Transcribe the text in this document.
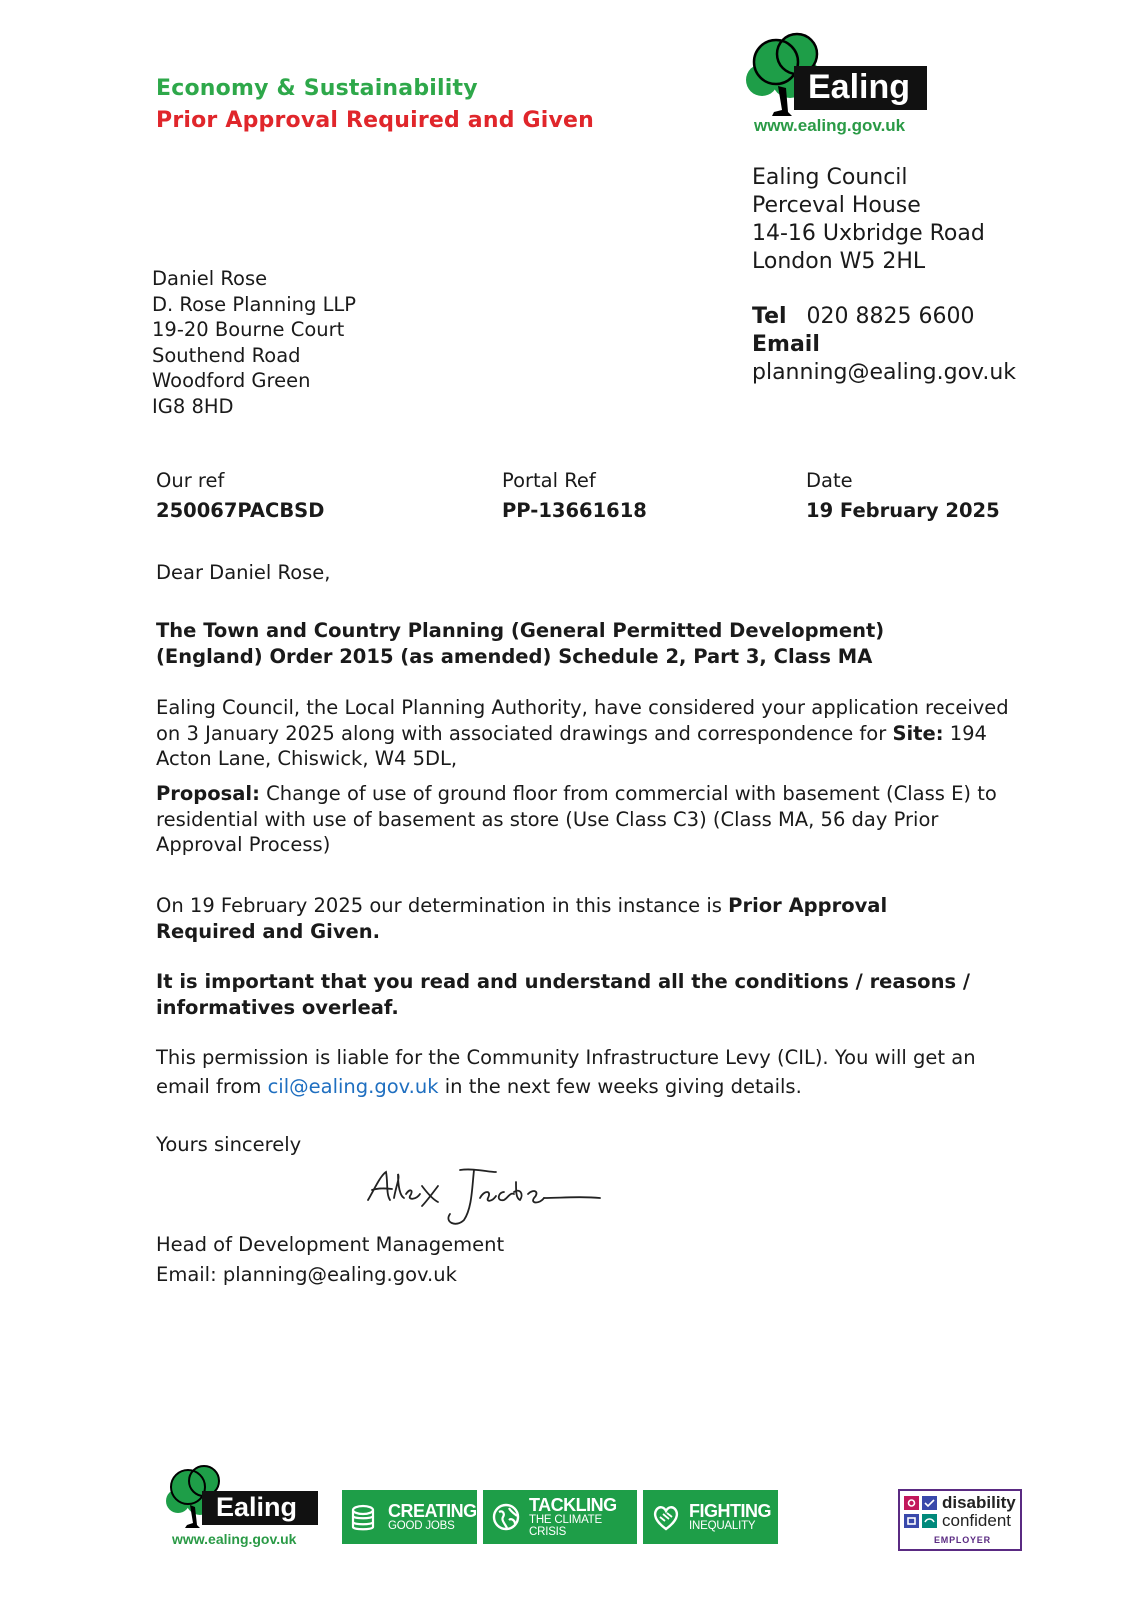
Economy & Sustainability
Prior Approval Required and Given
Ealing
www.ealing.gov.uk
Ealing Council
Perceval House
14-16 Uxbridge Road
London W5 2HL
Tel 020 8825 6600
Email
planning@ealing.gov.uk
Daniel Rose
D. Rose Planning LLP
19-20 Bourne Court
Southend Road
Woodford Green
IG8 8HD
Our ref
250067PACBSD
Portal Ref
PP-13661618
Date
19 February 2025
Dear Daniel Rose,
The Town and Country Planning (General Permitted Development) (England) Order 2015 (as amended) Schedule 2, Part 3, Class MA
Ealing Council, the Local Planning Authority, have considered your application received on 3 January 2025 along with associated drawings and correspondence for Site: 194 Acton Lane, Chiswick, W4 5DL,
Proposal: Change of use of ground floor from commercial with basement (Class E) to residential with use of basement as store (Use Class C3) (Class MA, 56 day Prior Approval Process)
On 19 February 2025 our determination in this instance is Prior Approval Required and Given.
It is important that you read and understand all the conditions / reasons / informatives overleaf.
This permission is liable for the Community Infrastructure Levy (CIL). You will get an email from cil@ealing.gov.uk in the next few weeks giving details.
Yours sincerely
Head of Development Management
Email: planning@ealing.gov.uk
Ealing
www.ealing.gov.uk
CREATING
GOOD JOBS
TACKLING
THE CLIMATE CRISIS
FIGHTING
INEQUALITY
disability
confident
EMPLOYER
